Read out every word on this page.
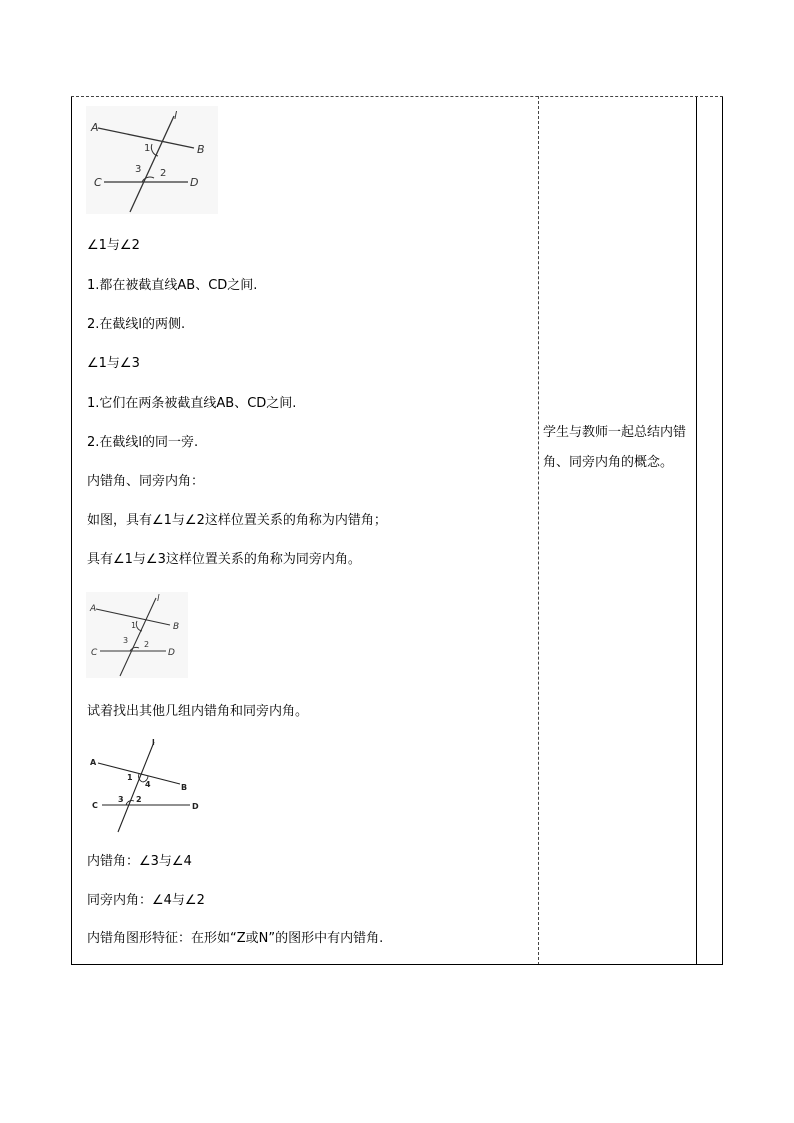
A
B
C	D
l
1
2
3
∠1与∠2
1.都在被截直线AB、CD之间.
2.在截线l的两侧.
∠1与∠3
1.它们在两条被截直线AB、CD之间.
2.在截线l的同一旁.
内错角、同旁内角：
如图，具有∠1与∠2这样位置关系的角称为内错角；
具有∠1与∠3这样位置关系的角称为同旁内角。
A
B
C	D
l
1
2
3
试着找出其他几组内错角和同旁内角。
A
B
C	D
l
1
4
2
3
内错角：∠3与∠4
同旁内角：∠4与∠2
内错角图形特征：在形如“Z或N”的图形中有内错角.
学生与教师一起总结内错角、同旁内角的概念。
